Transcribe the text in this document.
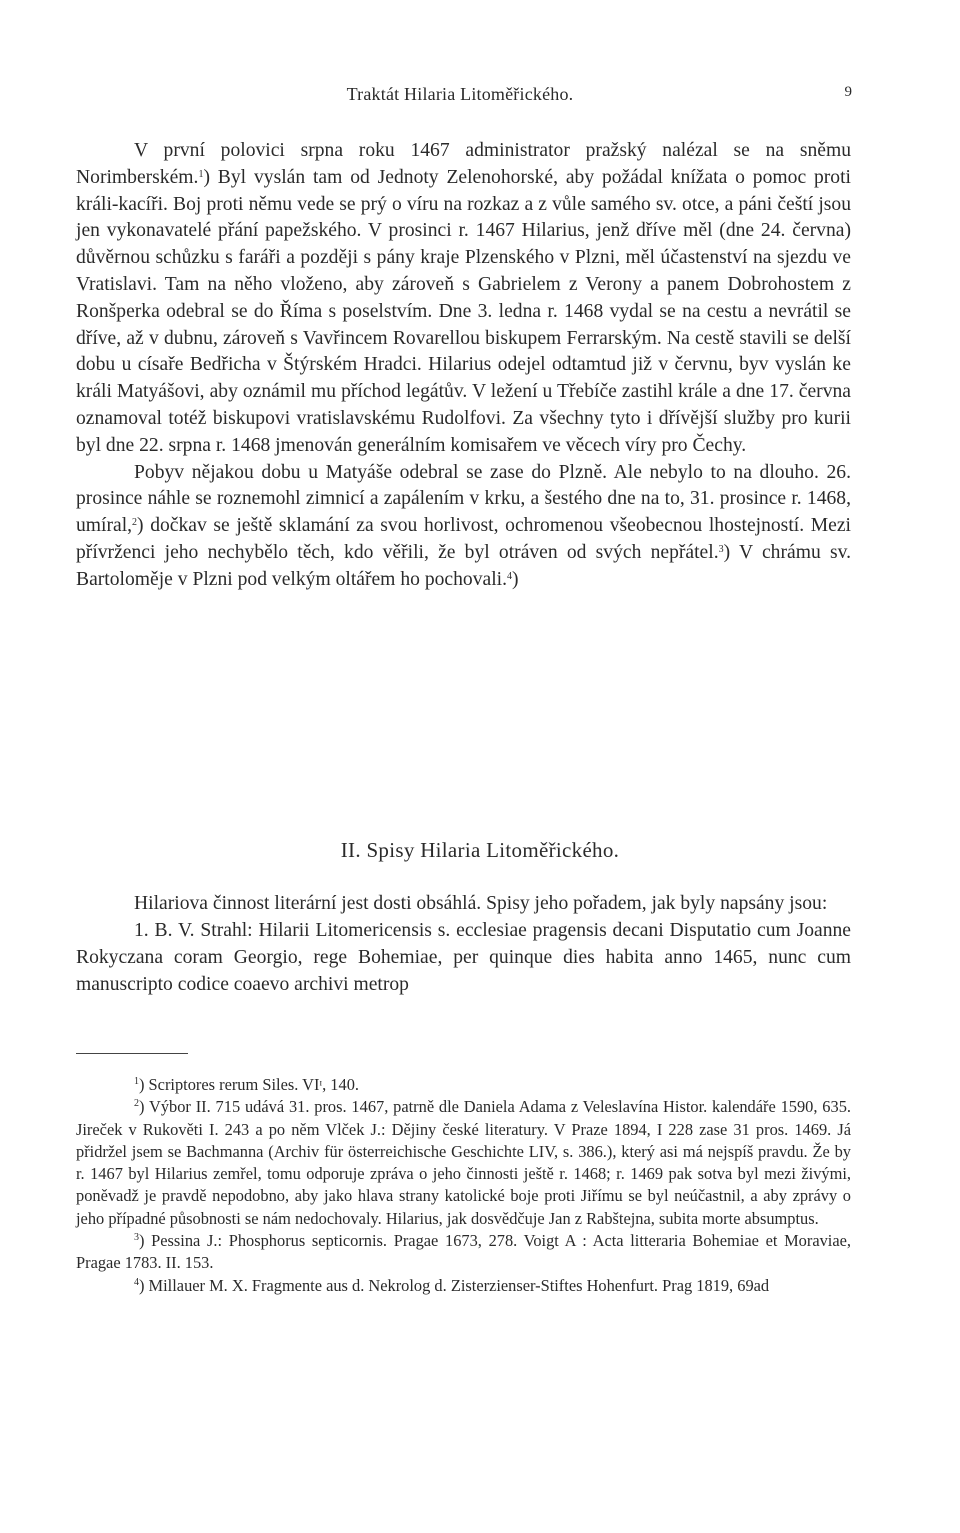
Traktát Hilaria Litoměřického.	9

V první polovici srpna roku 1467 administrator pražský nalézal se na sněmu Norimberském.$^1$) Byl vyslán tam od Jednoty Zelenohorské, aby požádal knížata o pomoc proti králi-kacíři. Boj proti němu vede se prý o víru na rozkaz a z vůle samého sv. otce, a páni čeští jsou jen vykonavatelé přání papežského. V prosinci r. 1467 Hilarius, jenž dříve měl (dne 24. června) důvěrnou schůzku s faráři a později s pány kraje Plzenského v Plzni, měl účastenství na sjezdu ve Vratislavi. Tam na něho vloženo, aby zároveň s Gabrielem z Verony a panem Dobrohostem z Ronšperka odebral se do Říma s poselstvím. Dne 3. ledna r. 1468 vydal se na cestu a nevrátil se dříve, až v dubnu, zároveň s Vavřincem Rovarellou biskupem Ferrarským. Na cestě stavili se delší dobu u císaře Bedřicha v Štýrském Hradci. Hilarius odejel odtamtud již v červnu, byv vyslán ke králi Matyášovi, aby oznámil mu příchod legátův. V ležení u Třebíče zastihl krále a dne 17. června oznamoval totéž biskupovi vratislavskému Rudolfovi. Za všechny tyto i dřívější služby pro kurii byl dne 22. srpna r. 1468 jmenován generálním komisařem ve věcech víry pro Čechy.

Pobyv nějakou dobu u Matyáše odebral se zase do Plzně. Ale nebylo to na dlouho. 26. prosince náhle se roznemohl zimnicí a zapálením v krku, a šestého dne na to, 31. prosince r. 1468, umíral,$^2$) dočkav se ještě sklamání za svou horlivost, ochromenou všeobecnou lhostejností. Mezi přívrženci jeho nechybělo těch, kdo věřili, že byl otráven od svých nepřátel.$^3$) V chrámu sv. Bartoloměje v Plzni pod velkým oltářem ho pochovali.$^4$)

II. Spisy Hilaria Litoměřického.

Hilariova činnost literární jest dosti obsáhlá. Spisy jeho pořadem, jak byly napsány jsou:

1. B. V. Strahl: Hilarii Litomericensis s. ecclesiae pragensis decani Disputatio cum Joanne Rokyczana coram Georgio, rege Bohemiae, per quinque dies habita anno 1465, nunc cum manuscripto codice coaevo archivi metrop

$^1$) Scriptores rerum Siles. VIᶦ, 140.

$^2$) Výbor II. 715 udává 31. pros. 1467, patrně dle Daniela Adama z Veleslavína Histor. kalendáře 1590, 635. Jireček v Rukověti I. 243 a po něm Vlček J.: Dějiny české literatury. V Praze 1894, I 228 zase 31 pros. 1469. Já přidržel jsem se Bachmanna (Archiv für österreichische Geschichte LIV, s. 386.), který asi má nejspíš pravdu. Že by r. 1467 byl Hilarius zemřel, tomu odporuje zpráva o jeho činnosti ještě r. 1468; r. 1469 pak sotva byl mezi živými, poněvadž je pravdě nepodobno, aby jako hlava strany katolické boje proti Jiřímu se byl neúčastnil, a aby zprávy o jeho případné působnosti se nám nedochovaly. Hilarius, jak dosvědčuje Jan z Rabštejna, subita morte absumptus.

$^3$) Pessina J.: Phosphorus septicornis. Pragae 1673, 278. Voigt A : Acta litteraria Bohemiae et Moraviae, Pragae 1783. II. 153.

$^4$) Millauer M. X. Fragmente aus d. Nekrolog d. Zisterzienser-Stiftes Hohenfurt. Prag 1819, 69ad
